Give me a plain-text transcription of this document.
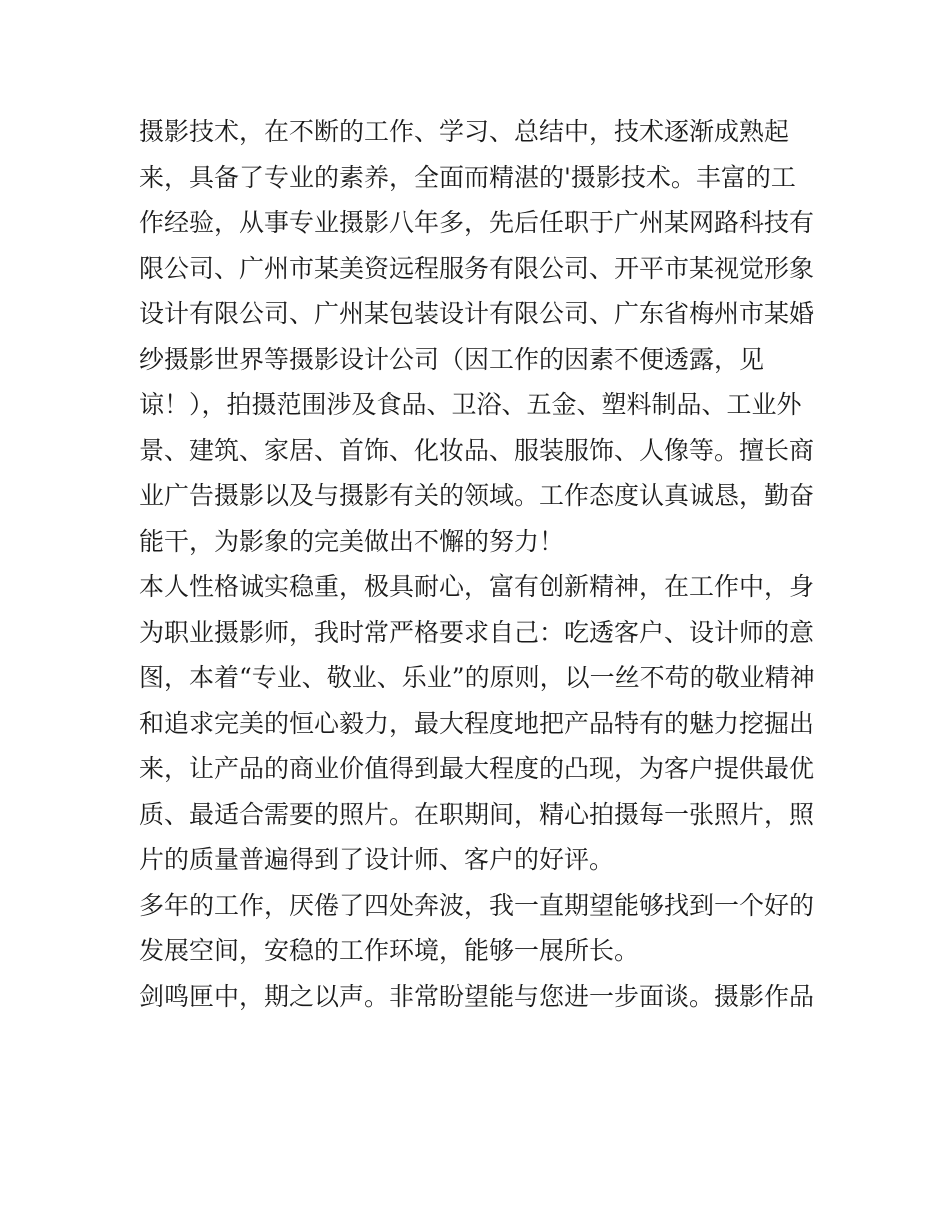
摄影技术，在不断的工作、学习、总结中，技术逐渐成熟起
来，具备了专业的素养，全面而精湛的'摄影技术。丰富的工
作经验，从事专业摄影八年多，先后任职于广州某网路科技有
限公司、广州市某美资远程服务有限公司、开平市某视觉形象
设计有限公司、广州某包装设计有限公司、广东省梅州市某婚
纱摄影世界等摄影设计公司（因工作的因素不便透露，见
谅！），拍摄范围涉及食品、卫浴、五金、塑料制品、工业外
景、建筑、家居、首饰、化妆品、服装服饰、人像等。擅长商
业广告摄影以及与摄影有关的领域。工作态度认真诚恳，勤奋
能干，为影象的完美做出不懈的努力！
本人性格诚实稳重，极具耐心，富有创新精神，在工作中，身
为职业摄影师，我时常严格要求自己：吃透客户、设计师的意
图，本着“专业、敬业、乐业”的原则，以一丝不苟的敬业精神
和追求完美的恒心毅力，最大程度地把产品特有的魅力挖掘出
来，让产品的商业价值得到最大程度的凸现，为客户提供最优
质、最适合需要的照片。在职期间，精心拍摄每一张照片，照
片的质量普遍得到了设计师、客户的好评。
多年的工作，厌倦了四处奔波，我一直期望能够找到一个好的
发展空间，安稳的工作环境，能够一展所长。
剑鸣匣中，期之以声。非常盼望能与您进一步面谈。摄影作品
